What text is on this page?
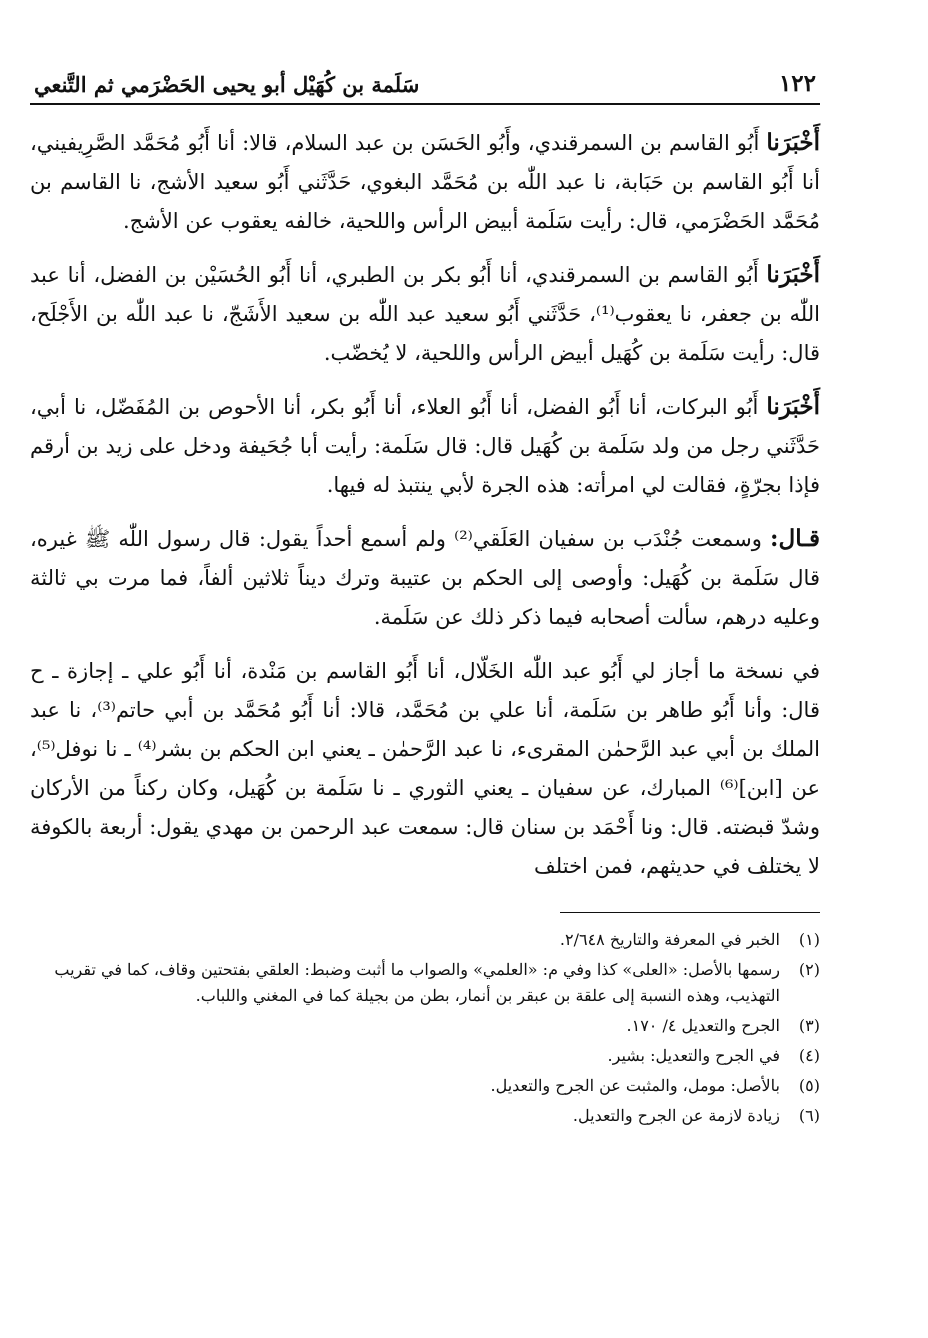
١٢٢
سَلَمة بن كُهَيْل أبو يحيى الحَضْرَمي ثم التَّنعي

أَخْبَرَنا أَبُو القاسم بن السمرقندي، وأَبُو الحَسَن بن عبد السلام، قالا: أنا أَبُو مُحَمَّد الصَّرِيفيني، أنا أَبُو القاسم بن حَبَابة، نا عبد اللّٰه بن مُحَمَّد البغوي، حَدَّثَني أَبُو سعيد الأشج، نا القاسم بن مُحَمَّد الحَضْرَمي، قال: رأيت سَلَمة أبيض الرأس واللحية، خالفه يعقوب عن الأشج.

أَخْبَرَنا أَبُو القاسم بن السمرقندي، أنا أَبُو بكر بن الطبري، أنا أَبُو الحُسَيْن بن الفضل، أنا عبد اللّٰه بن جعفر، نا يعقوب⁽¹⁾، حَدَّثَني أَبُو سعيد عبد اللّٰه بن سعيد الأَشَجّ، نا عبد اللّٰه بن الأَجْلَح، قال: رأيت سَلَمة بن كُهَيل أبيض الرأس واللحية، لا يُخضّب.

أَخْبَرَنا أَبُو البركات، أنا أَبُو الفضل، أنا أَبُو العلاء، أنا أَبُو بكر، أنا الأحوص بن المُفَضّل، نا أبي، حَدَّثَني رجل من ولد سَلَمة بن كُهَيل قال: قال سَلَمة: رأيت أبا جُحَيفة ودخل على زيد بن أرقم فإذا بجرّةٍ، فقالت لي امرأته: هذه الجرة لأبي ينتبذ له فيها.

قـال: وسمعت جُنْدَب بن سفيان العَلَقي⁽²⁾ ولم أسمع أحداً يقول: قال رسول اللّٰه ﷺ غيره، قال سَلَمة بن كُهَيل: وأوصى إلى الحكم بن عتيبة وترك ديناً ثلاثين ألفاً، فما مرت بي ثالثة وعليه درهم، سألت أصحابه فيما ذكر ذلك عن سَلَمة.

في نسخة ما أجاز لي أَبُو عبد اللّٰه الخَلّال، أنا أَبُو القاسم بن مَنْدة، أنا أَبُو علي ـ إجازة ـ ح قال: وأنا أَبُو طاهر بن سَلَمة، أنا علي بن مُحَمَّد، قالا: أنا أَبُو مُحَمَّد بن أبي حاتم⁽³⁾، نا عبد الملك بن أبي عبد الرَّحمٰن المقرىء، نا عبد الرَّحمٰن ـ يعني ابن الحكم بن بشر⁽⁴⁾ ـ نا نوفل⁽⁵⁾، عن [ابن]⁽⁶⁾ المبارك، عن سفيان ـ يعني الثوري ـ نا سَلَمة بن كُهَيل، وكان ركناً من الأركان وشدّ قبضته. قال: ونا أَحْمَد بن سنان قال: سمعت عبد الرحمن بن مهدي يقول: أربعة بالكوفة لا يختلف في حديثهم، فمن اختلف

(١)
الخبر في المعرفة والتاريخ ٢/٦٤٨.
(٢)
رسمها بالأصل: «العلى» كذا وفي م: «العلمي» والصواب ما أثبت وضبط: العلقي بفتحتين وقاف، كما في تقريب التهذيب، وهذه النسبة إلى علقة بن عبقر بن أنمار، بطن من بجيلة كما في المغني واللباب.
(٣)
الجرح والتعديل ٤/ ١٧٠.
(٤)
في الجرح والتعديل: بشير.
(٥)
بالأصل: مومل، والمثبت عن الجرح والتعديل.
(٦)
زيادة لازمة عن الجرح والتعديل.
